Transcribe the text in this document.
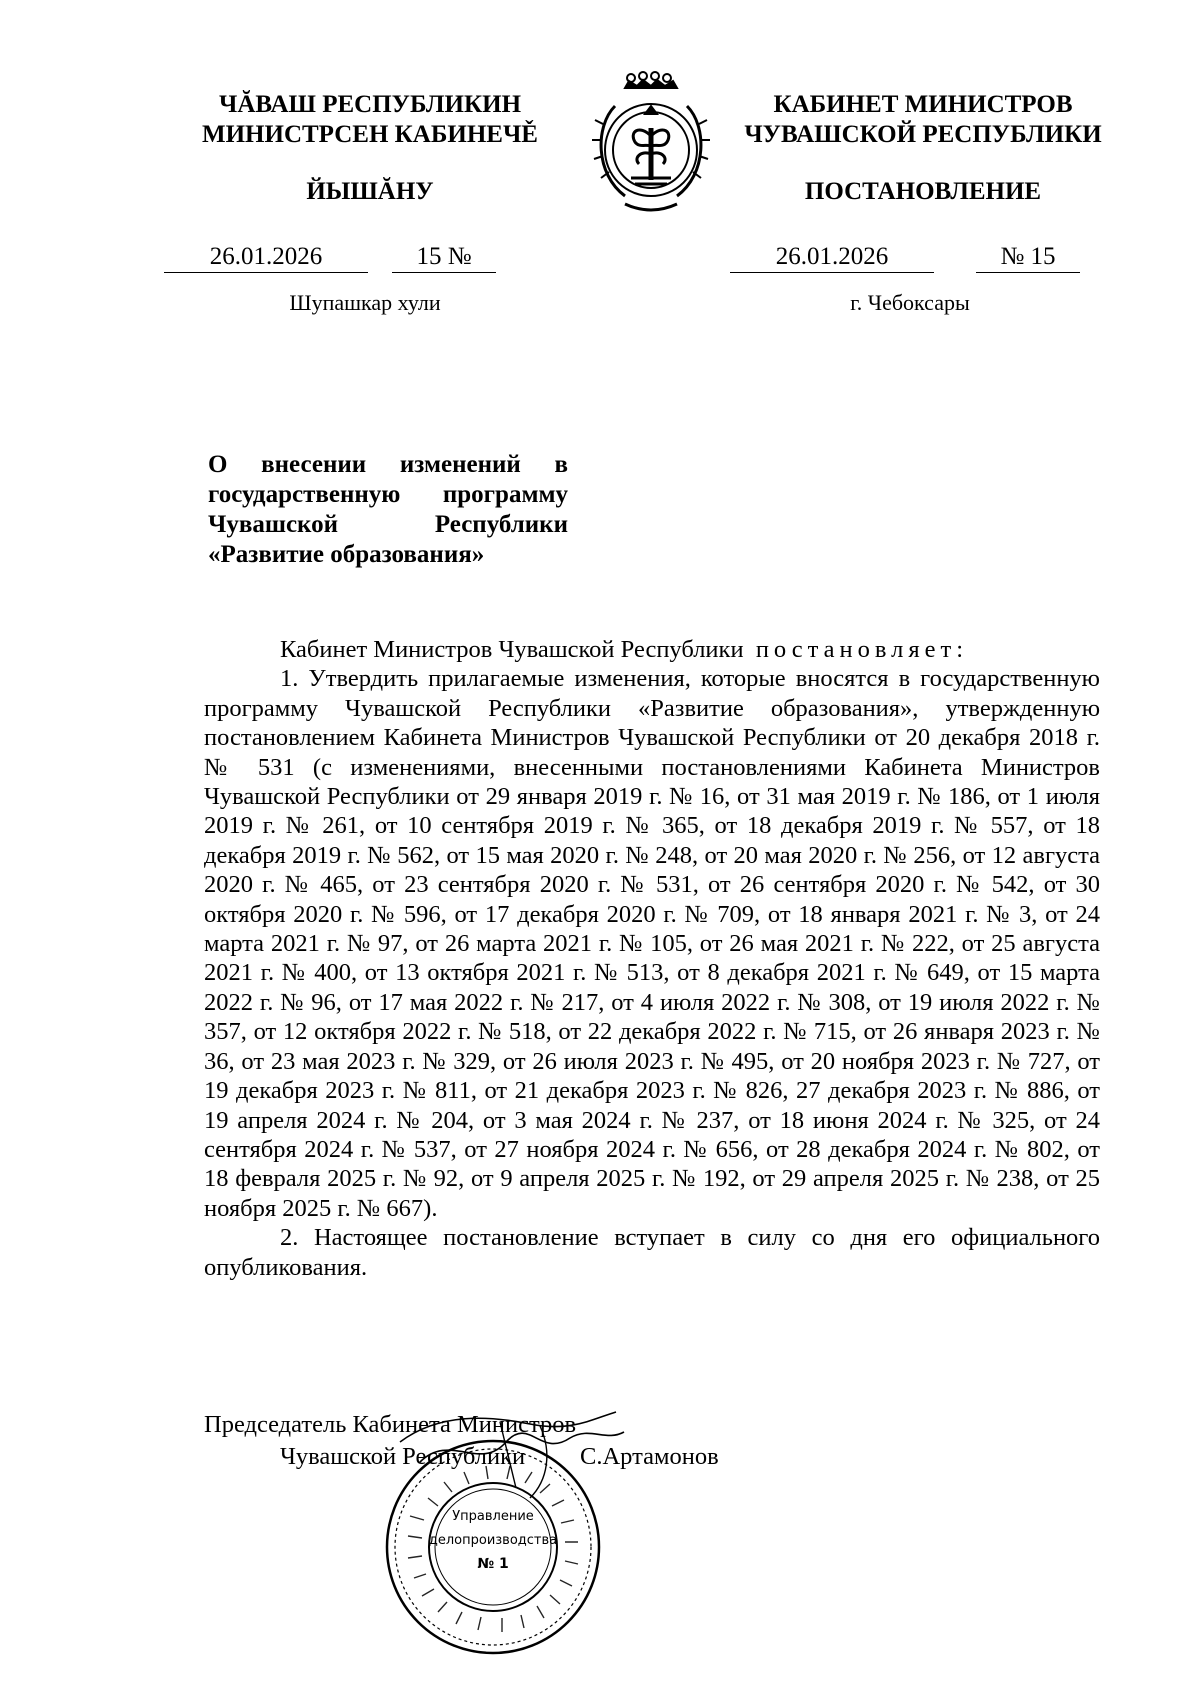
ЧĂВАШ РЕСПУБЛИКИН
МИНИСТРСЕН КАБИНЕЧĚ
ЙЫШĂНУ
КАБИНЕТ МИНИСТРОВ
ЧУВАШСКОЙ РЕСПУБЛИКИ
ПОСТАНОВЛЕНИЕ
26.01.2026	15 №	26.01.2026	№ 15
Шупашкар хули	г. Чебоксары
О внесении изменений в государственную программу Чувашской Республики «Развитие образования»

Кабинет Министров Чувашской Республики постановляет:

1. Утвердить прилагаемые изменения, которые вносятся в государственную программу Чувашской Республики «Развитие образования», утвержденную постановлением Кабинета Министров Чувашской Республики от 20 декабря 2018 г. № 531 (с изменениями, внесенными постановлениями Кабинета Министров Чувашской Республики от 29 января 2019 г. № 16, от 31 мая 2019 г. № 186, от 1 июля 2019 г. № 261, от 10 сентября 2019 г. № 365, от 18 декабря 2019 г. № 557, от 18 декабря 2019 г. № 562, от 15 мая 2020 г. № 248, от 20 мая 2020 г. № 256, от 12 августа 2020 г. № 465, от 23 сентября 2020 г. № 531, от 26 сентября 2020 г. № 542, от 30 октября 2020 г. № 596, от 17 декабря 2020 г. № 709, от 18 января 2021 г. № 3, от 24 марта 2021 г. № 97, от 26 марта 2021 г. № 105, от 26 мая 2021 г. № 222, от 25 августа 2021 г. № 400, от 13 октября 2021 г. № 513, от 8 декабря 2021 г. № 649, от 15 марта 2022 г. № 96, от 17 мая 2022 г. № 217, от 4 июля 2022 г. № 308, от 19 июля 2022 г. № 357, от 12 октября 2022 г. № 518, от 22 декабря 2022 г. № 715, от 26 января 2023 г. № 36, от 23 мая 2023 г. № 329, от 26 июля 2023 г. № 495, от 20 ноября 2023 г. № 727, от 19 декабря 2023 г. № 811, от 21 декабря 2023 г. № 826, 27 декабря 2023 г. № 886, от 19 апреля 2024 г. № 204, от 3 мая 2024 г. № 237, от 18 июня 2024 г. № 325, от 24 сентября 2024 г. № 537, от 27 ноября 2024 г. № 656, от 28 декабря 2024 г. № 802, от 18 февраля 2025 г. № 92, от 9 апреля 2025 г. № 192, от 29 апреля 2025 г. № 238, от 25 ноября 2025 г. № 667).

2. Настоящее постановление вступает в силу со дня его официального опубликования.

Председатель Кабинета Министров
Чувашской Республики С.Артамонов
Управление
делопроизводства
№ 1
